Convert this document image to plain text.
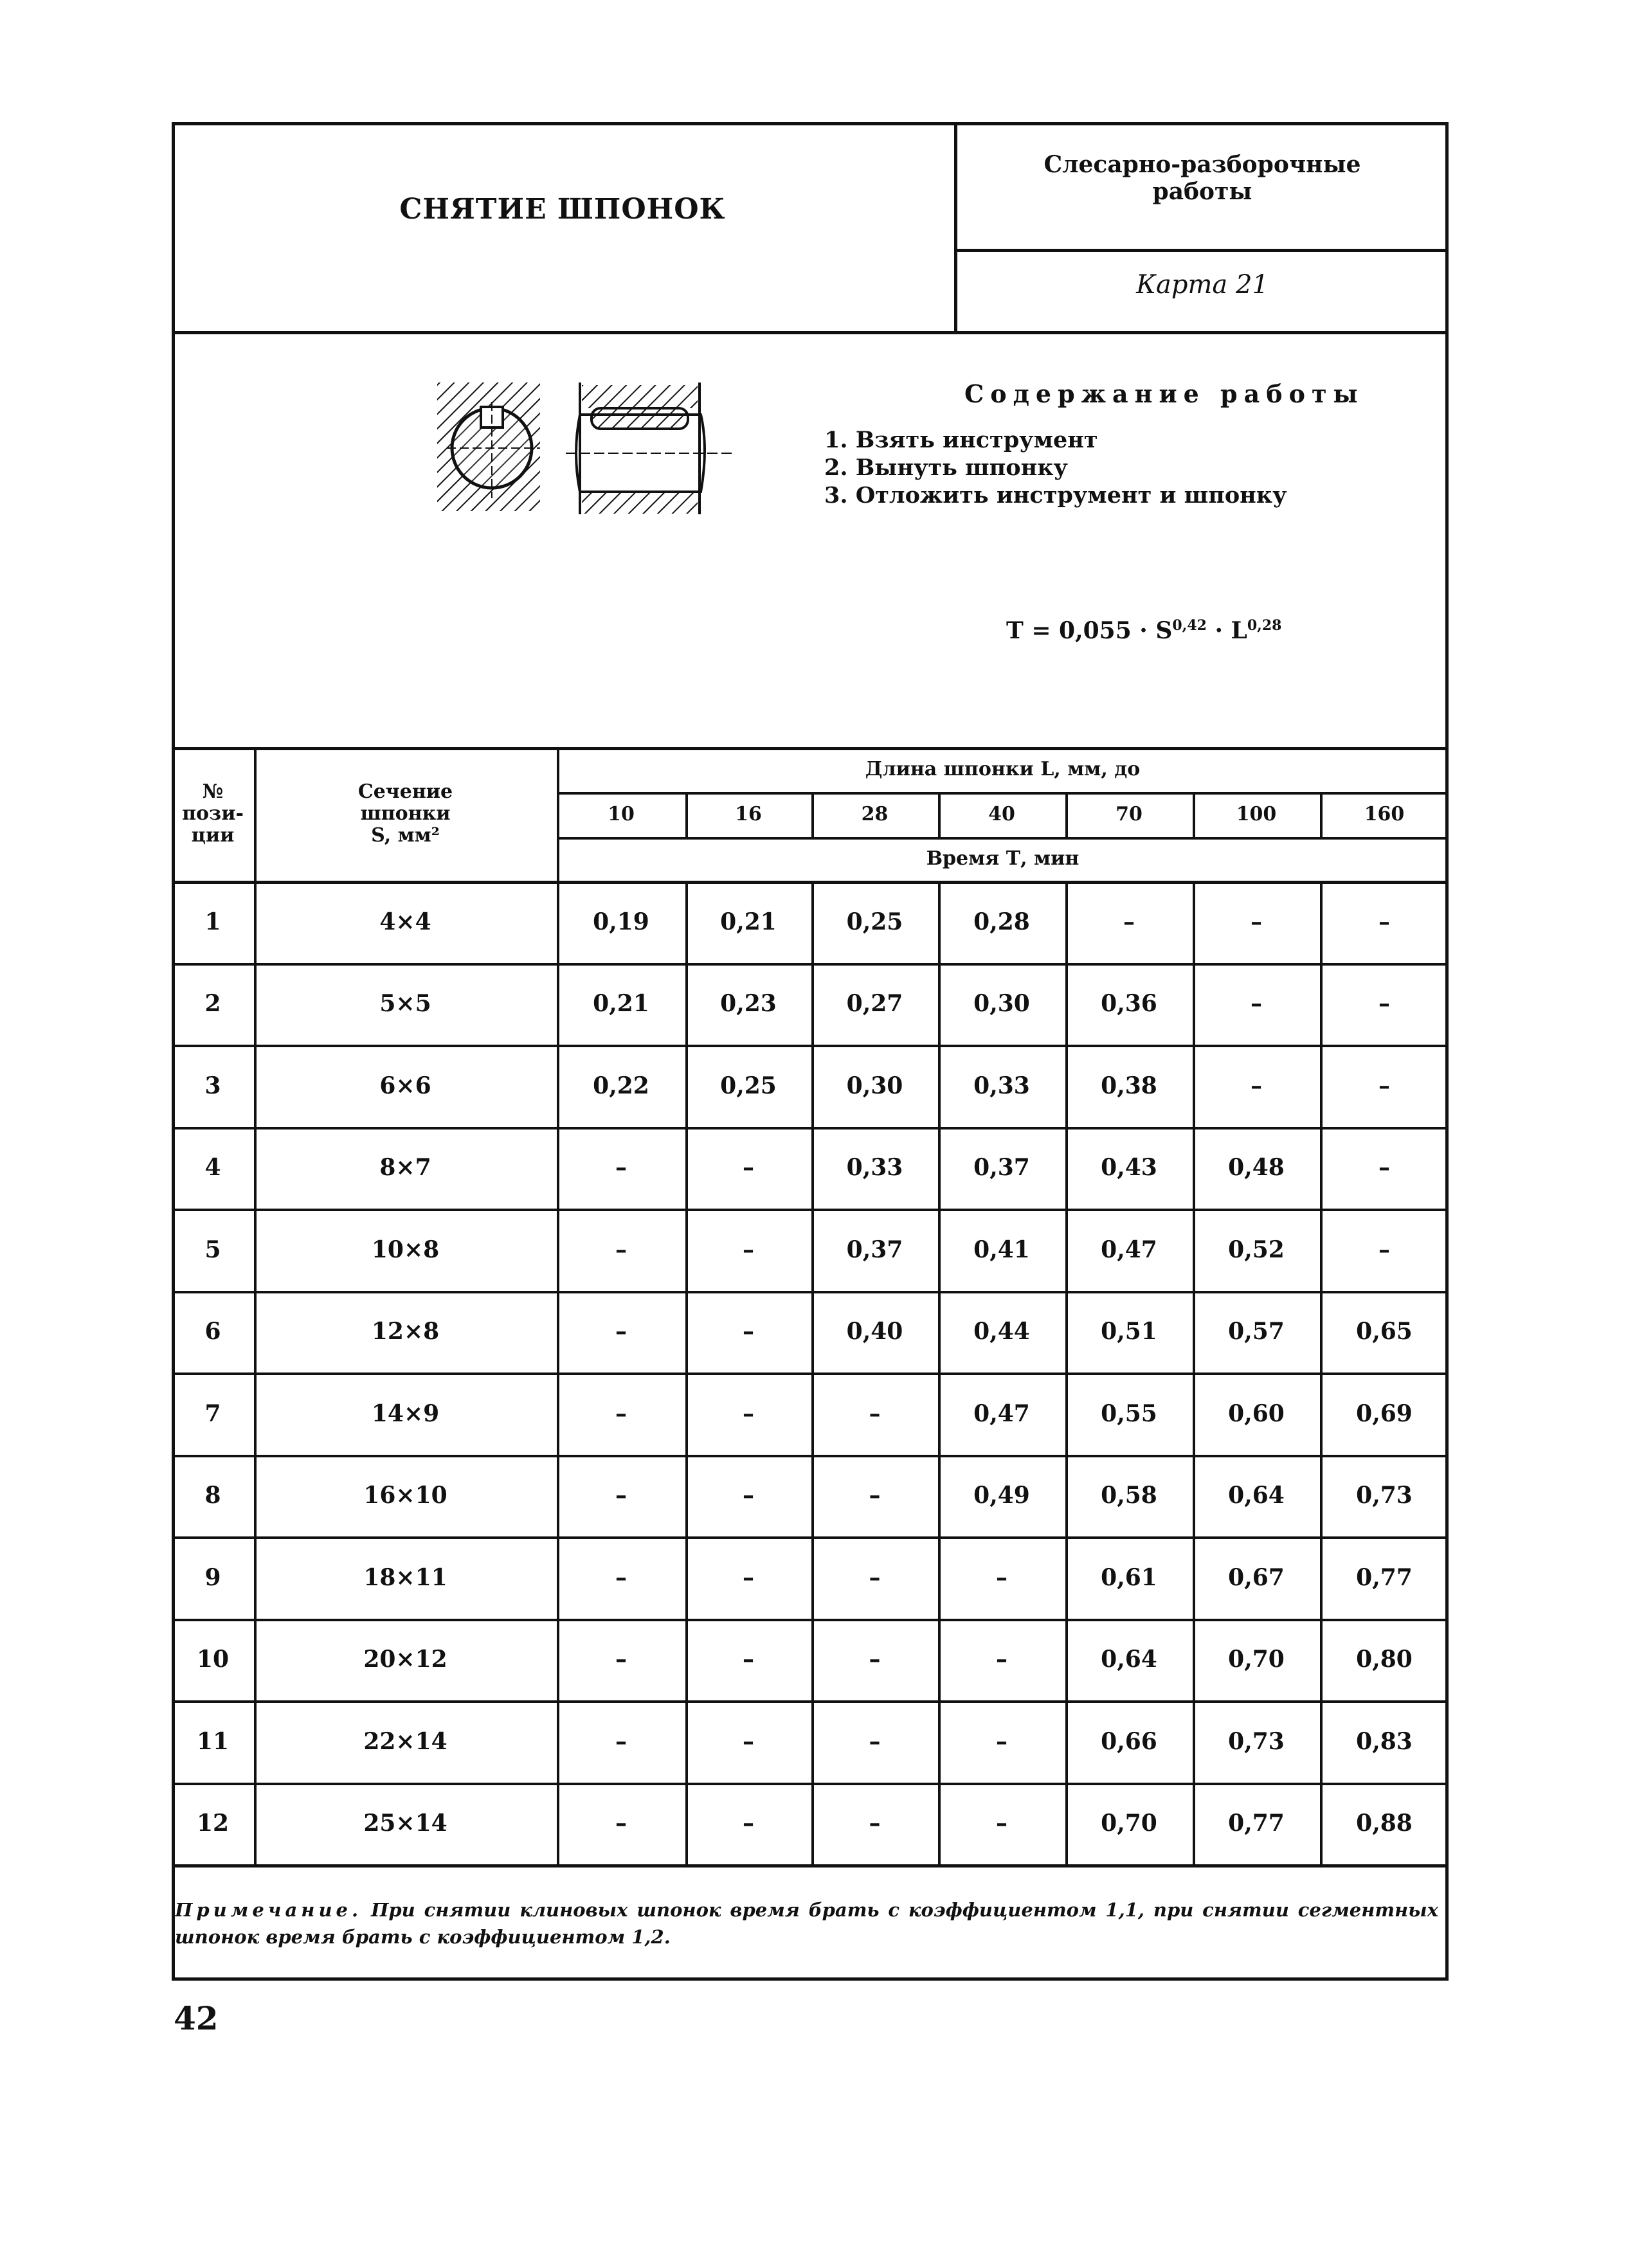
СНЯТИЕ ШПОНОК
Слесарно-разборочные
работы
Карта 21
Содержание работы
1. Взять инструмент
2. Вынуть шпонку
3. Отложить инструмент и шпонку
T = 0,055 · S$^{0,42}$ · L$^{0,28}$
№
пози-
ции
Сечение
шпонки
S, мм²
Длина шпонки L, мм, до
10	16	28	40	70	100	160
Время Т, мин
1	4×4	0,19	0,21	0,25	0,28	–	–	–
2	5×5	0,21	0,23	0,27	0,30	0,36	–	–
3	6×6	0,22	0,25	0,30	0,33	0,38	–	–
4	8×7	–	–	0,33	0,37	0,43	0,48	–
5	10×8	–	–	0,37	0,41	0,47	0,52	–
6	12×8	–	–	0,40	0,44	0,51	0,57	0,65
7	14×9	–	–	–	0,47	0,55	0,60	0,69
8	16×10	–	–	–	0,49	0,58	0,64	0,73
9	18×11	–	–	–	–	0,61	0,67	0,77
10	20×12	–	–	–	–	0,64	0,70	0,80
11	22×14	–	–	–	–	0,66	0,73	0,83
12	25×14	–	–	–	–	0,70	0,77	0,88
Примечание. При снятии клиновых шпонок время брать с коэффициентом 1,1, при снятии сегментных шпонок время брать с коэффициентом 1,2.
42
